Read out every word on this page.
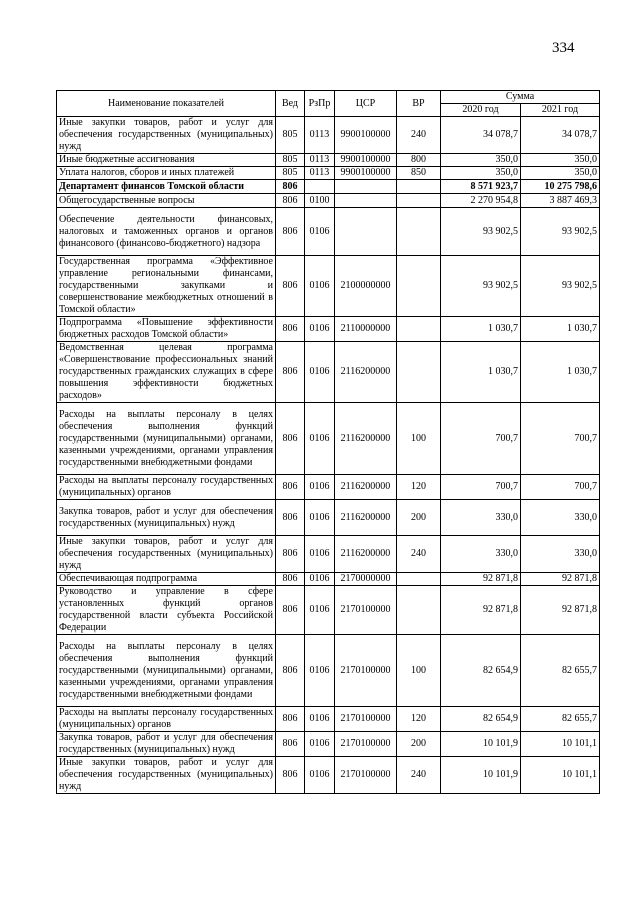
334
Наименование показателей	Вед	РзПр	ЦСР	ВР	Сумма	
					2020 год	2021 год
Иные закупки товаров, работ и услуг для обеспечения государственных (муниципальных) нужд	805	0113	9900100000	240	34 078,7	34 078,7
Иные бюджетные ассигнования	805	0113	9900100000	800	350,0	350,0
Уплата налогов, сборов и иных платежей	805	0113	9900100000	850	350,0	350,0
Департамент финансов Томской области	806				8 571 923,7	10 275 798,6
Общегосударственные вопросы	806	0100			2 270 954,8	3 887 469,3
Обеспечение деятельности финансовых, налоговых и таможенных органов и органов финансового (финансово-бюджетного) надзора	806	0106			93 902,5	93 902,5
Государственная программа «Эффективное управление региональными финансами, государственными закупками и совершенствование межбюджетных отношений в Томской области»	806	0106	2100000000		93 902,5	93 902,5
Подпрограмма «Повышение эффективности бюджетных расходов Томской области»	806	0106	2110000000		1 030,7	1 030,7
Ведомственная целевая программа «Совершенствование профессиональных знаний государственных гражданских служащих в сфере повышения эффективности бюджетных расходов»	806	0106	2116200000		1 030,7	1 030,7
Расходы на выплаты персоналу в целях обеспечения выполнения функций государственными (муниципальными) органами, казенными учреждениями, органами управления государственными внебюджетными фондами	806	0106	2116200000	100	700,7	700,7
Расходы на выплаты персоналу государственных (муниципальных) органов	806	0106	2116200000	120	700,7	700,7
Закупка товаров, работ и услуг для обеспечения государственных (муниципальных) нужд	806	0106	2116200000	200	330,0	330,0
Иные закупки товаров, работ и услуг для обеспечения государственных (муниципальных) нужд	806	0106	2116200000	240	330,0	330,0
Обеспечивающая подпрограмма	806	0106	2170000000		92 871,8	92 871,8
Руководство и управление в сфере установленных функций органов государственной власти субъекта Российской Федерации	806	0106	2170100000		92 871,8	92 871,8
Расходы на выплаты персоналу в целях обеспечения выполнения функций государственными (муниципальными) органами, казенными учреждениями, органами управления государственными внебюджетными фондами	806	0106	2170100000	100	82 654,9	82 655,7
Расходы на выплаты персоналу государственных (муниципальных) органов	806	0106	2170100000	120	82 654,9	82 655,7
Закупка товаров, работ и услуг для обеспечения государственных (муниципальных) нужд	806	0106	2170100000	200	10 101,9	10 101,1
Иные закупки товаров, работ и услуг для обеспечения государственных (муниципальных) нужд	806	0106	2170100000	240	10 101,9	10 101,1
